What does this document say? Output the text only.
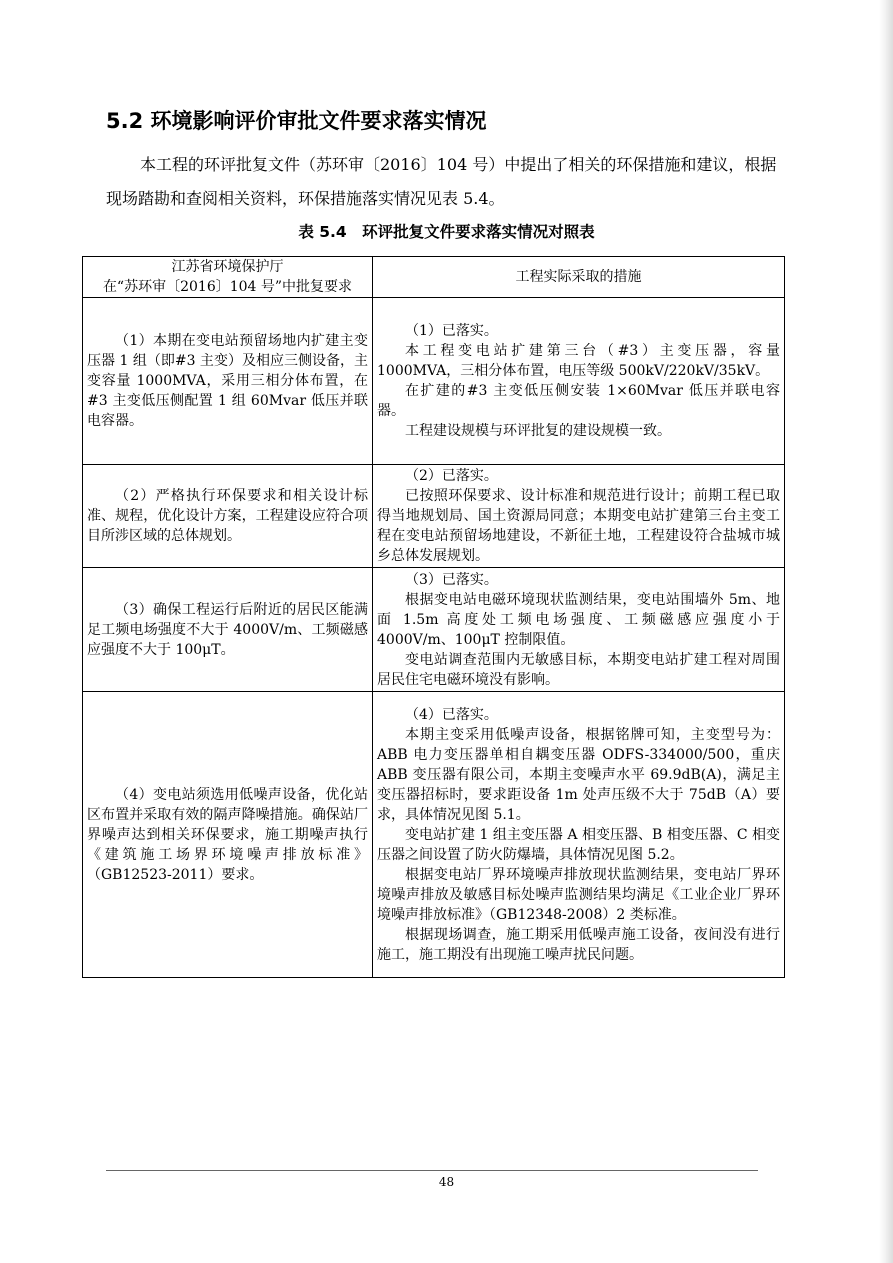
5.2 环境影响评价审批文件要求落实情况

本工程的环评批复文件（苏环审〔2016〕104 号）中提出了相关的环保措施和建议，根据现场踏勘和查阅相关资料，环保措施落实情况见表 5.4。

表 5.4　环评批复文件要求落实情况对照表
江苏省环境保护厅
在“苏环审〔2016〕104 号”中批复要求	工程实际采取的措施

（1）本期在变电站预留场地内扩建主变压器 1 组（即#3 主变）及相应三侧设备，主变容量 1000MVA，采用三相分体布置，在#3 主变低压侧配置 1 组 60Mvar 低压并联电容器。	（1）已落实。

本工程变电站扩建第三台（#3）主变压器，容量 1000MVA，三相分体布置，电压等级 500kV/220kV/35kV。

在扩建的#3 主变低压侧安装 1×60Mvar 低压并联电容器。

工程建设规模与环评批复的建设规模一致。

（2）严格执行环保要求和相关设计标准、规程，优化设计方案，工程建设应符合项目所涉区域的总体规划。	（2）已落实。

已按照环保要求、设计标准和规范进行设计；前期工程已取得当地规划局、国土资源局同意；本期变电站扩建第三台主变工程在变电站预留场地建设，不新征土地，工程建设符合盐城市城乡总体发展规划。

（3）确保工程运行后附近的居民区能满足工频电场强度不大于 4000V/m、工频磁感应强度不大于 100μT。	（3）已落实。

根据变电站电磁环境现状监测结果，变电站围墙外 5m、地面 1.5m 高度处工频电场强度、工频磁感应强度小于 4000V/m、100μT 控制限值。

变电站调查范围内无敏感目标，本期变电站扩建工程对周围居民住宅电磁环境没有影响。

（4）变电站须选用低噪声设备，优化站区布置并采取有效的隔声降噪措施。确保站厂界噪声达到相关环保要求，施工期噪声执行《建筑施工场界环境噪声排放标准》（GB12523-2011）要求。	（4）已落实。

本期主变采用低噪声设备，根据铭牌可知，主变型号为：ABB 电力变压器单相自耦变压器 ODFS-334000/500，重庆 ABB 变压器有限公司，本期主变噪声水平 69.9dB(A)，满足主变压器招标时，要求距设备 1m 处声压级不大于 75dB（A）要求，具体情况见图 5.1。

变电站扩建 1 组主变压器 A 相变压器、B 相变压器、C 相变压器之间设置了防火防爆墙，具体情况见图 5.2。

根据变电站厂界环境噪声排放现状监测结果，变电站厂界环境噪声排放及敏感目标处噪声监测结果均满足《工业企业厂界环境噪声排放标准》（GB12348-2008）2 类标准。

根据现场调查，施工期采用低噪声施工设备，夜间没有进行施工，施工期没有出现施工噪声扰民问题。

48
